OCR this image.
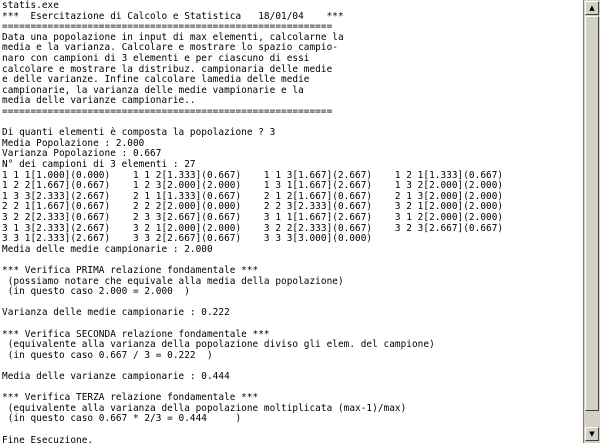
statis.exe
***  Esercitazione di Calcolo e Statistica   18/01/04    ***
==========================================================
Data una popolazione in input di max elementi, calcolarne la
media e la varianza. Calcolare e mostrare lo spazio campio-
naro con campioni di 3 elementi e per ciascuno di essi
calcolare e mostrare la distribuz. campionaria delle medie
e delle varianze. Infine calcolare lamedia delle medie
campionarie, la varianza delle medie vampionarie e la
media delle varianze campionarie..
==========================================================
Di quanti elementi è composta la popolazione ? 3
Media Popolazione : 2.000
Varianza Popolazione : 0.667
N° dei campioni di 3 elementi : 27
1 1 1[1.000](0.000)    1 1 2[1.333](0.667)    1 1 3[1.667](2.667)    1 2 1[1.333](0.667)
1 2 2[1.667](0.667)    1 2 3[2.000](2.000)    1 3 1[1.667](2.667)    1 3 2[2.000](2.000)
1 3 3[2.333](2.667)    2 1 1[1.333](0.667)    2 1 2[1.667](0.667)    2 1 3[2.000](2.000)
2 2 1[1.667](0.667)    2 2 2[2.000](0.000)    2 2 3[2.333](0.667)    3 2 1[2.000](2.000)
3 2 2[2.333](0.667)    2 3 3[2.667](0.667)    3 1 1[1.667](2.667)    3 1 2[2.000](2.000)
3 1 3[2.333](2.667)    3 2 1[2.000](2.000)    3 2 2[2.333](0.667)    3 2 3[2.667](0.667)
3 3 1[2.333](2.667)    3 3 2[2.667](0.667)    3 3 3[3.000](0.000)
Media delle medie campionarie : 2.000
*** Verifica PRIMA relazione fondamentale ***
(possiamo notare che equivale alla media della popolazione)
(in questo caso 2.000 = 2.000  )
Varianza delle medie campionarie : 0.222
*** Verifica SECONDA relazione fondamentale ***
(equivalente alla varianza della popolazione diviso gli elem. del campione)
(in questo caso 0.667 / 3 = 0.222  )
Media delle varianze campionarie : 0.444
*** Verifica TERZA relazione fondamentale ***
(equivalente alla varianza della popolazione moltiplicata (max-1)/max)
(in questo caso 0.667 * 2/3 = 0.444     )
Fine Esecuzione.
▲
▼
